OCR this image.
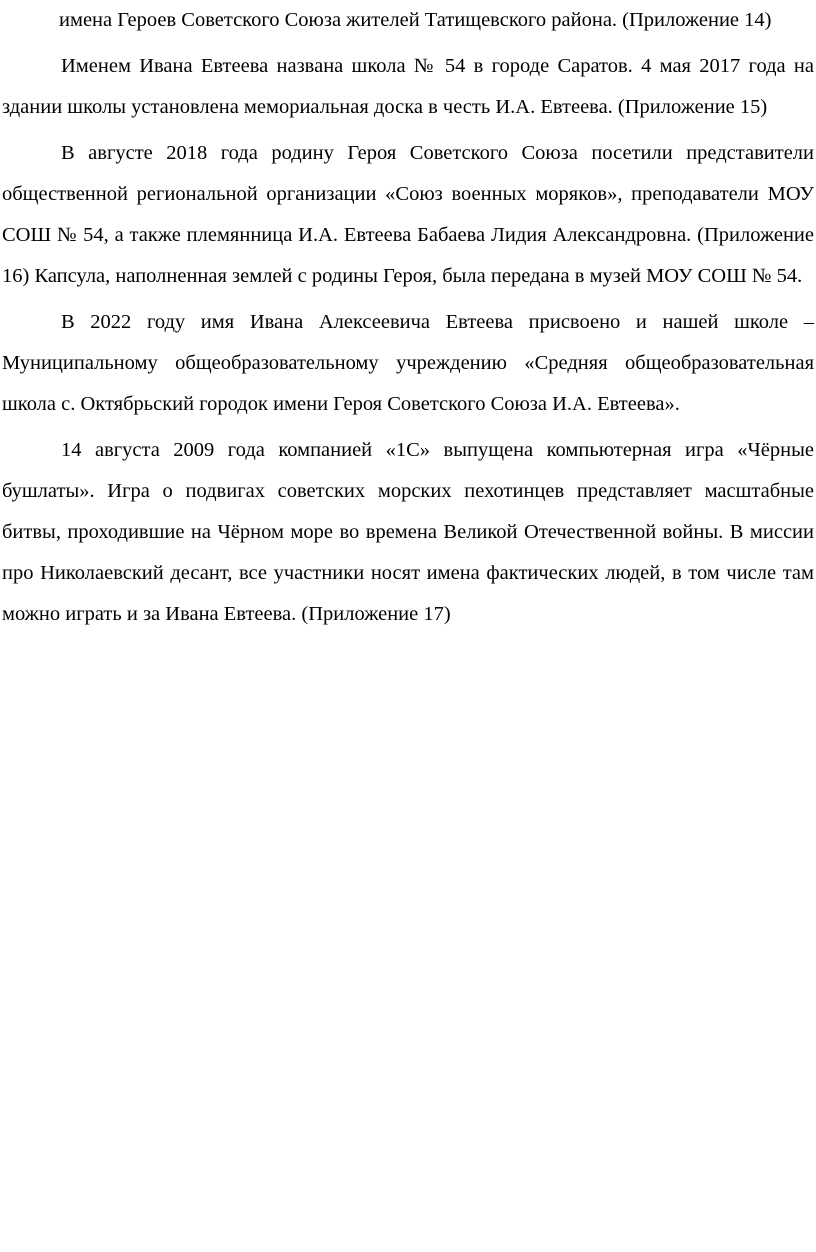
имена Героев Советского Союза жителей Татищевского района. (Приложение 14)

Именем Ивана Евтеева названа школа № 54 в городе Саратов. 4 мая 2017 года на здании школы установлена мемориальная доска в честь И.А. Евтеева. (Приложение 15)

В августе 2018 года родину Героя Советского Союза посетили представители общественной региональной организации «Союз военных моряков», преподаватели МОУ СОШ № 54, а также племянница И.А. Евтеева Бабаева Лидия Александровна. (Приложение 16) Капсула, наполненная землей с родины Героя, была передана в музей МОУ СОШ № 54.

В 2022 году имя Ивана Алексеевича Евтеева присвоено и нашей школе – Муниципальному общеобразовательному учреждению «Средняя общеобразовательная школа с. Октябрьский городок имени Героя Советского Союза И.А. Евтеева».

14 августа 2009 года компанией «1С» выпущена компьютерная игра «Чёрные бушлаты». Игра о подвигах советских морских пехотинцев представляет масштабные битвы, проходившие на Чёрном море во времена Великой Отечественной войны. В миссии про Николаевский десант, все участники носят имена фактических людей, в том числе там можно играть и за Ивана Евтеева. (Приложение 17)
